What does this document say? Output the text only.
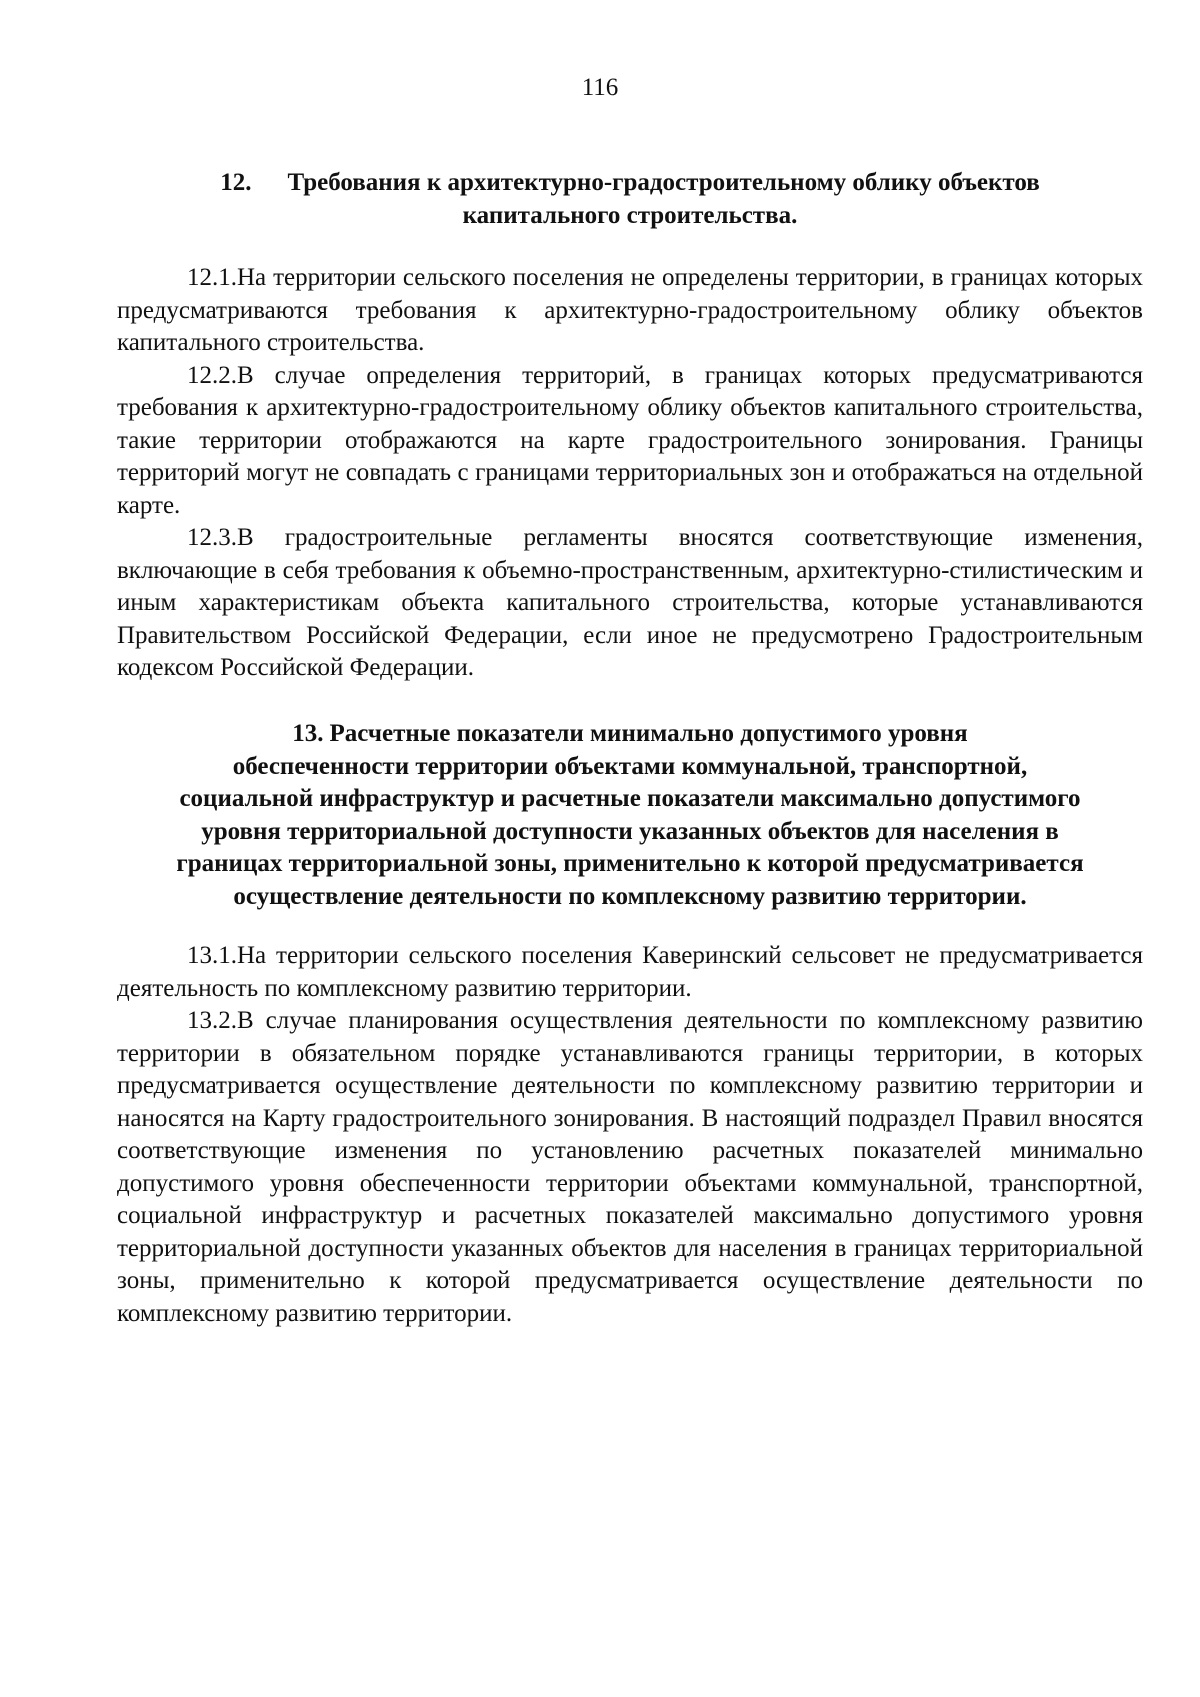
116
12. Требования к архитектурно-градостроительному облику объектов
капитального строительства.

12.1.На территории сельского поселения не определены территории, в границах которых предусматриваются требования к архитектурно-градостроительному облику объектов капитального строительства.

12.2.В случае определения территорий, в границах которых предусматриваются требования к архитектурно-градостроительному облику объектов капитального строительства, такие территории отображаются на карте градостроительного зонирования. Границы территорий могут не совпадать с границами территориальных зон и отображаться на отдельной карте.

12.3.В градостроительные регламенты вносятся соответствующие изменения, включающие в себя требования к объемно-пространственным, архитектурно-стилистическим и иным характеристикам объекта капитального строительства, которые устанавливаются Правительством Российской Федерации, если иное не предусмотрено Градостроительным кодексом Российской Федерации.

13. Расчетные показатели минимально допустимого уровня
обеспеченности территории объектами коммунальной, транспортной,
социальной инфраструктур и расчетные показатели максимально допустимого
уровня территориальной доступности указанных объектов для населения в
границах территориальной зоны, применительно к которой предусматривается
осуществление деятельности по комплексному развитию территории.

13.1.На территории сельского поселения Каверинский сельсовет не предусматривается деятельность по комплексному развитию территории.

13.2.В случае планирования осуществления деятельности по комплексному развитию территории в обязательном порядке устанавливаются границы территории, в которых предусматривается осуществление деятельности по комплексному развитию территории и наносятся на Карту градостроительного зонирования. В настоящий подраздел Правил вносятся соответствующие изменения по установлению расчетных показателей минимально допустимого уровня обеспеченности территории объектами коммунальной, транспортной, социальной инфраструктур и расчетных показателей максимально допустимого уровня территориальной доступности указанных объектов для населения в границах территориальной зоны, применительно к которой предусматривается осуществление деятельности по комплексному развитию территории.
